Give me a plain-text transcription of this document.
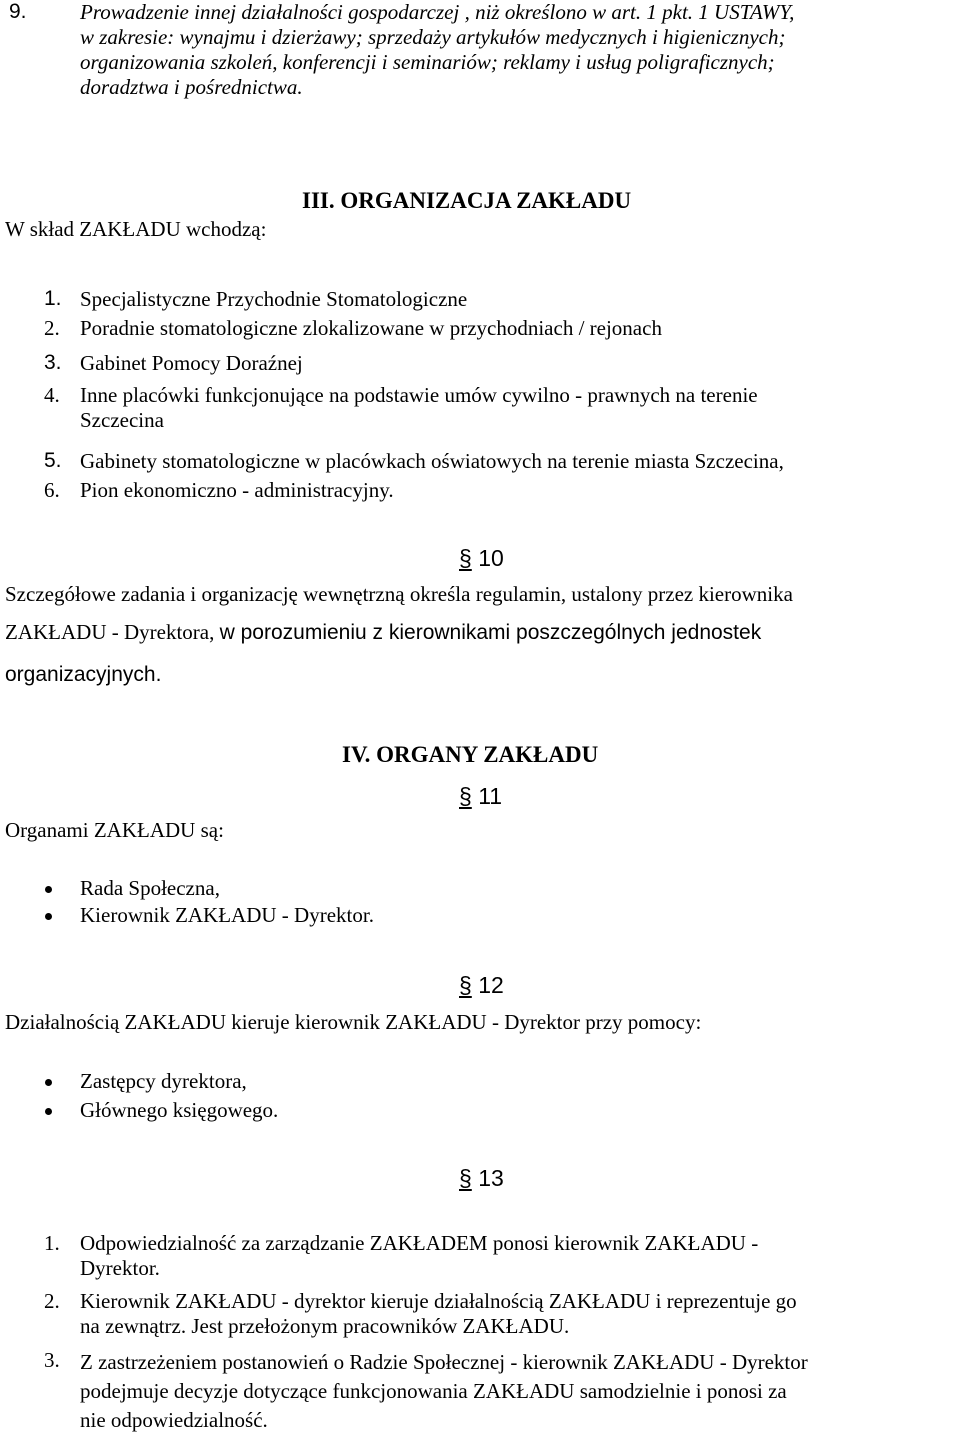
9.	Prowadzenie innej działalności gospodarczej , niż określono w art. 1 pkt. 1 USTAWY,
w zakresie: wynajmu i dzierżawy; sprzedaży artykułów medycznych i higienicznych;
organizowania szkoleń, konferencji i seminariów; reklamy i usług poligraficznych;
doradztwa i pośrednictwa.
III. ORGANIZACJA ZAKŁADU
W skład ZAKŁADU wchodzą:
1. Specjalistyczne Przychodnie Stomatologiczne
2. Poradnie stomatologiczne zlokalizowane w przychodniach / rejonach
3. Gabinet Pomocy Doraźnej
4. Inne placówki funkcjonujące na podstawie umów cywilno - prawnych na terenie
Szczecina
5. Gabinety stomatologiczne w placówkach oświatowych na terenie miasta Szczecina,
6. Pion ekonomiczno - administracyjny.
§ 10
Szczegółowe zadania i organizację wewnętrzną określa regulamin, ustalony przez kierownika
ZAKŁADU - Dyrektora, w porozumieniu z kierownikami poszczególnych jednostek
organizacyjnych.
IV. ORGANY ZAKŁADU
§ 11
Organami ZAKŁADU są:
Rada Społeczna,
Kierownik ZAKŁADU - Dyrektor.
§ 12
Działalnością ZAKŁADU kieruje kierownik ZAKŁADU - Dyrektor przy pomocy:
Zastępcy dyrektora,
Głównego księgowego.
§ 13
1. Odpowiedzialność za zarządzanie ZAKŁADEM ponosi kierownik ZAKŁADU -
Dyrektor.
2. Kierownik ZAKŁADU - dyrektor kieruje działalnością ZAKŁADU i reprezentuje go
na zewnątrz. Jest przełożonym pracowników ZAKŁADU.
3. Z zastrzeżeniem postanowień o Radzie Społecznej - kierownik ZAKŁADU - Dyrektor
podejmuje decyzje dotyczące funkcjonowania ZAKŁADU samodzielnie i ponosi za
nie odpowiedzialność.
